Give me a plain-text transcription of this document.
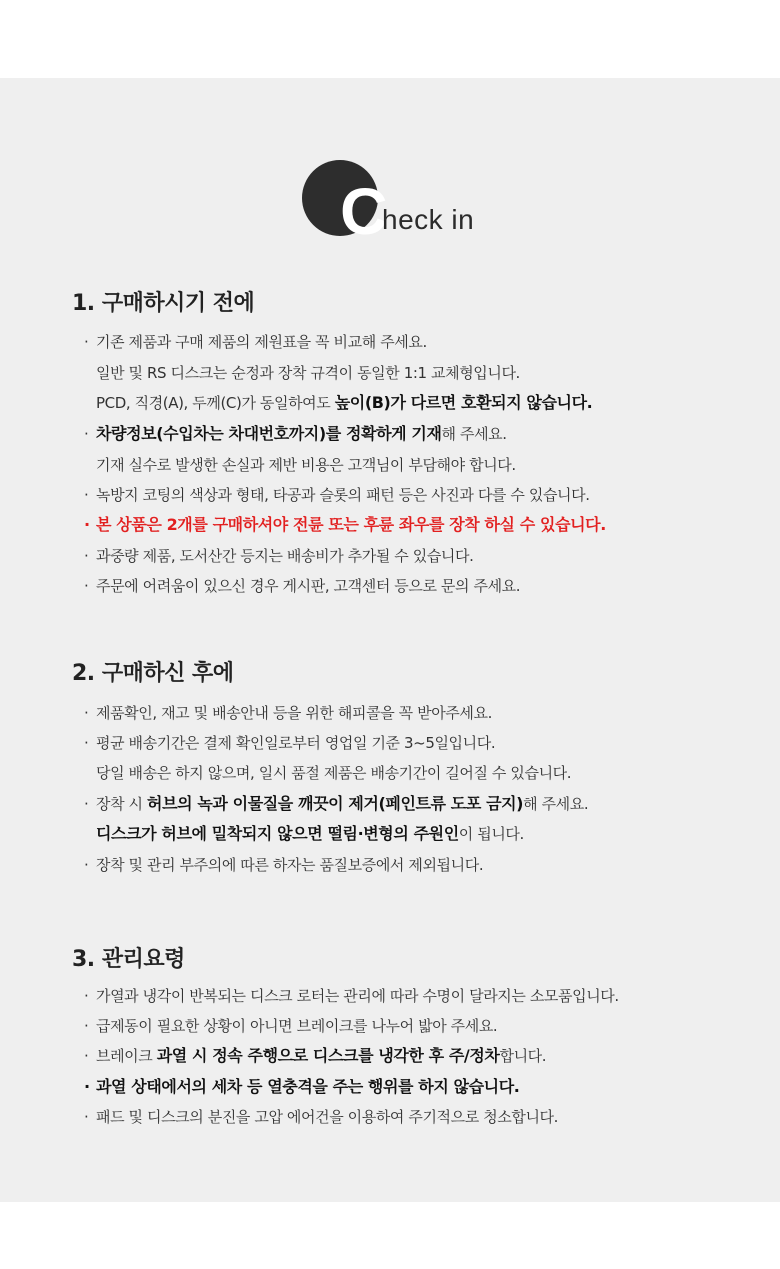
C
heck in
1. 구매하시기 전에
· 기존 제품과 구매 제품의 제원표을 꼭 비교해 주세요.
일반 및 RS 디스크는 순정과 장착 규격이 동일한 1:1 교체형입니다.
PCD, 직경(A), 두께(C)가 동일하여도 높이(B)가 다르면 호환되지 않습니다.
· 차량정보(수입차는 차대번호까지)를 정확하게 기재해 주세요.
기재 실수로 발생한 손실과 제반 비용은 고객님이 부담해야 합니다.
· 녹방지 코팅의 색상과 형태, 타공과 슬롯의 패턴 등은 사진과 다를 수 있습니다.
· 본 상품은 2개를 구매하셔야 전륜 또는 후륜 좌우를 장착 하실 수 있습니다.
· 과중량 제품, 도서산간 등지는 배송비가 추가될 수 있습니다.
· 주문에 어려움이 있으신 경우 게시판, 고객센터 등으로 문의 주세요.
2. 구매하신 후에
· 제품확인, 재고 및 배송안내 등을 위한 해피콜을 꼭 받아주세요.
· 평균 배송기간은 결제 확인일로부터 영업일 기준 3~5일입니다.
당일 배송은 하지 않으며, 일시 품절 제품은 배송기간이 길어질 수 있습니다.
· 장착 시 허브의 녹과 이물질을 깨끗이 제거(페인트류 도포 금지)해 주세요.
디스크가 허브에 밀착되지 않으면 떨림·변형의 주원인이 됩니다.
· 장착 및 관리 부주의에 따른 하자는 품질보증에서 제외됩니다.
3. 관리요령
· 가열과 냉각이 반복되는 디스크 로터는 관리에 따라 수명이 달라지는 소모품입니다.
· 급제동이 필요한 상황이 아니면 브레이크를 나누어 밟아 주세요.
· 브레이크 과열 시 정속 주행으로 디스크를 냉각한 후 주/정차합니다.
· 과열 상태에서의 세차 등 열충격을 주는 행위를 하지 않습니다.
· 패드 및 디스크의 분진을 고압 에어건을 이용하여 주기적으로 청소합니다.
